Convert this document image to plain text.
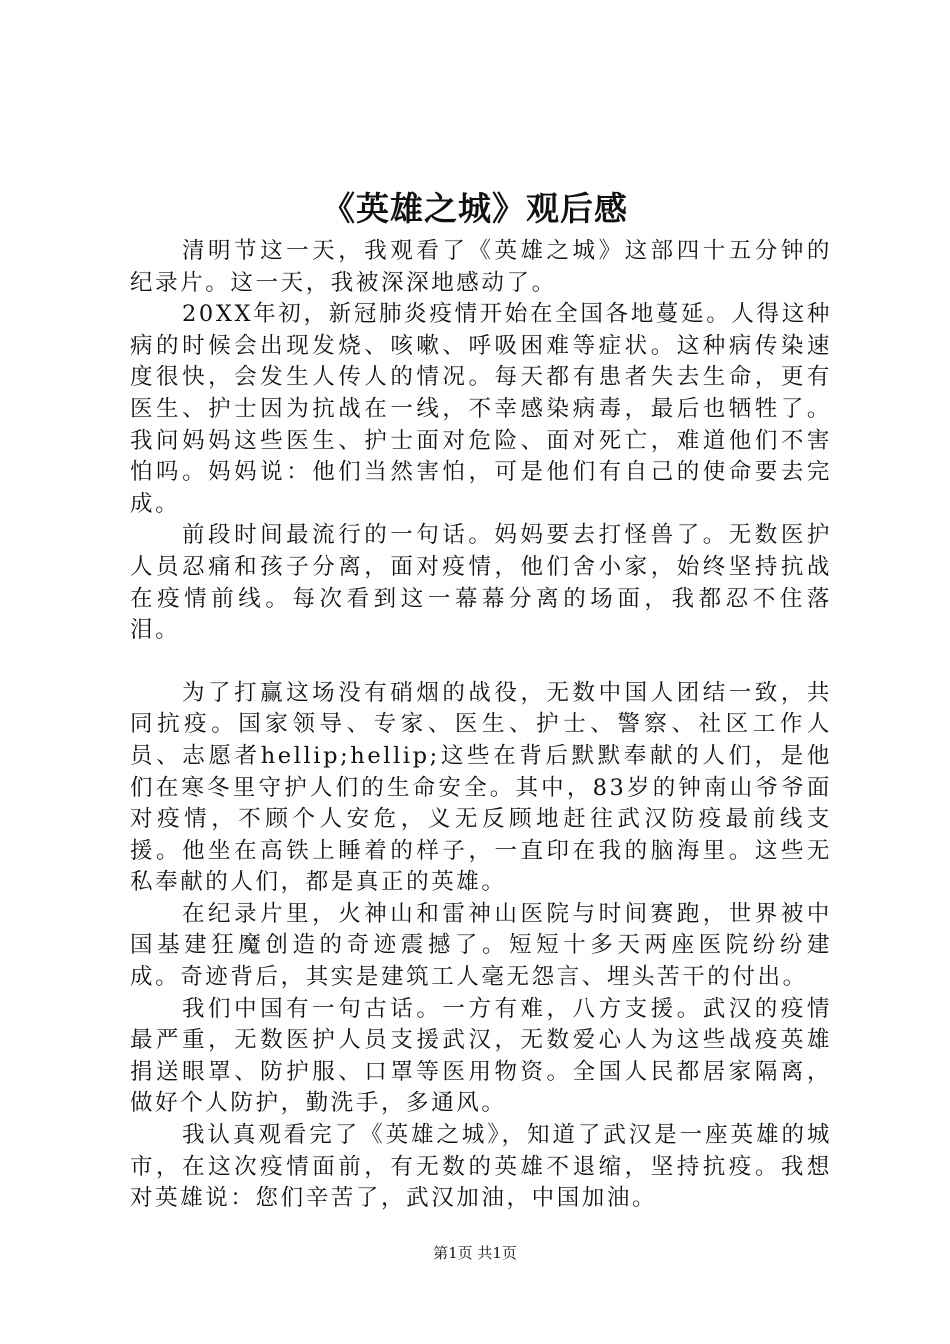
《英雄之城》观后感

清明节这一天，我观看了《英雄之城》这部四十五分钟的纪录片。这一天，我被深深地感动了。

20XX年初，新冠肺炎疫情开始在全国各地蔓延。人得这种病的时候会出现发烧、咳嗽、呼吸困难等症状。这种病传染速度很快，会发生人传人的情况。每天都有患者失去生命，更有医生、护士因为抗战在一线，不幸感染病毒，最后也牺牲了。我问妈妈这些医生、护士面对危险、面对死亡，难道他们不害怕吗。妈妈说：他们当然害怕，可是他们有自己的使命要去完成。

前段时间最流行的一句话。妈妈要去打怪兽了。无数医护人员忍痛和孩子分离，面对疫情，他们舍小家，始终坚持抗战在疫情前线。每次看到这一幕幕分离的场面，我都忍不住落泪。

为了打赢这场没有硝烟的战役，无数中国人团结一致，共同抗疫。国家领导、专家、医生、护士、警察、社区工作人员、志愿者hellip;hellip;这些在背后默默奉献的人们，是他们在寒冬里守护人们的生命安全。其中，83岁的钟南山爷爷面对疫情，不顾个人安危，义无反顾地赶往武汉防疫最前线支援。他坐在高铁上睡着的样子，一直印在我的脑海里。这些无私奉献的人们，都是真正的英雄。

在纪录片里，火神山和雷神山医院与时间赛跑，世界被中国基建狂魔创造的奇迹震撼了。短短十多天两座医院纷纷建成。奇迹背后，其实是建筑工人毫无怨言、埋头苦干的付出。

我们中国有一句古话。一方有难，八方支援。武汉的疫情最严重，无数医护人员支援武汉，无数爱心人为这些战疫英雄捐送眼罩、防护服、口罩等医用物资。全国人民都居家隔离，做好个人防护，勤洗手，多通风。

我认真观看完了《英雄之城》，知道了武汉是一座英雄的城市，在这次疫情面前，有无数的英雄不退缩，坚持抗疫。我想对英雄说：您们辛苦了，武汉加油，中国加油。

第1页 共1页
